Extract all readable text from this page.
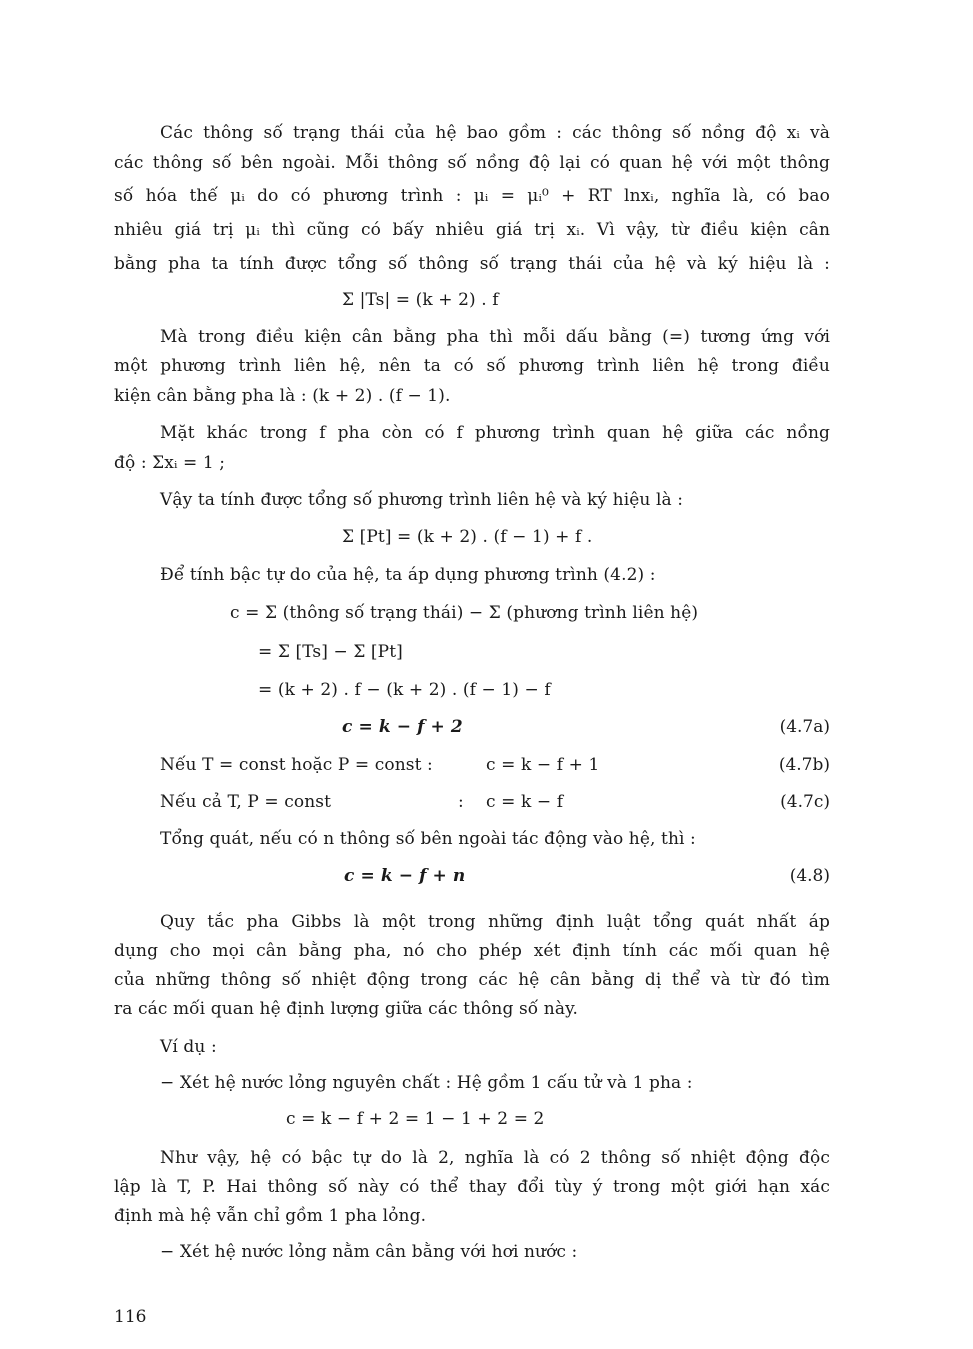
Các thông số trạng thái của hệ bao gồm : các thông số nồng độ xᵢ và
các thông số bên ngoài. Mỗi thông số nồng độ lại có quan hệ với một thông
số hóa thế μᵢ do có phương trình : μᵢ = μᵢ⁰ + RT lnxᵢ, nghĩa là, có bao
nhiêu giá trị μᵢ thì cũng có bấy nhiêu giá trị xᵢ. Vì vậy, từ điều kiện cân
bằng pha ta tính được tổng số thông số trạng thái của hệ và ký hiệu là :
Σ |Ts| = (k + 2) . f
Mà trong điều kiện cân bằng pha thì mỗi dấu bằng (=) tương ứng với
một phương trình liên hệ, nên ta có số phương trình liên hệ trong điều
kiện cân bằng pha là : (k + 2) . (f − 1).
Mặt khác trong f pha còn có f phương trình quan hệ giữa các nồng
độ : Σxᵢ = 1 ;
Vậy ta tính được tổng số phương trình liên hệ và ký hiệu là :
Σ [Pt] = (k + 2) . (f − 1) + f .
Để tính bậc tự do của hệ, ta áp dụng phương trình (4.2) :
c = Σ (thông số trạng thái) − Σ (phương trình liên hệ)
= Σ [Ts] − Σ [Pt]
= (k + 2) . f − (k + 2) . (f − 1) − f
c = k − f + 2	(4.7a)
Nếu T = const hoặc P = const :	c = k − f + 1	(4.7b)
Nếu cả T, P = const	: c = k − f	(4.7c)
Tổng quát, nếu có n thông số bên ngoài tác động vào hệ, thì :
c = k − f + n	(4.8)
Quy tắc pha Gibbs là một trong những định luật tổng quát nhất áp
dụng cho mọi cân bằng pha, nó cho phép xét định tính các mối quan hệ
của những thông số nhiệt động trong các hệ cân bằng dị thể và từ đó tìm
ra các mối quan hệ định lượng giữa các thông số này.
Ví dụ :
− Xét hệ nước lỏng nguyên chất : Hệ gồm 1 cấu tử và 1 pha :
c = k − f + 2 = 1 − 1 + 2 = 2
Như vậy, hệ có bậc tự do là 2, nghĩa là có 2 thông số nhiệt động độc
lập là T, P. Hai thông số này có thể thay đổi tùy ý trong một giới hạn xác
định mà hệ vẫn chỉ gồm 1 pha lỏng.
− Xét hệ nước lỏng nằm cân bằng với hơi nước :
116
